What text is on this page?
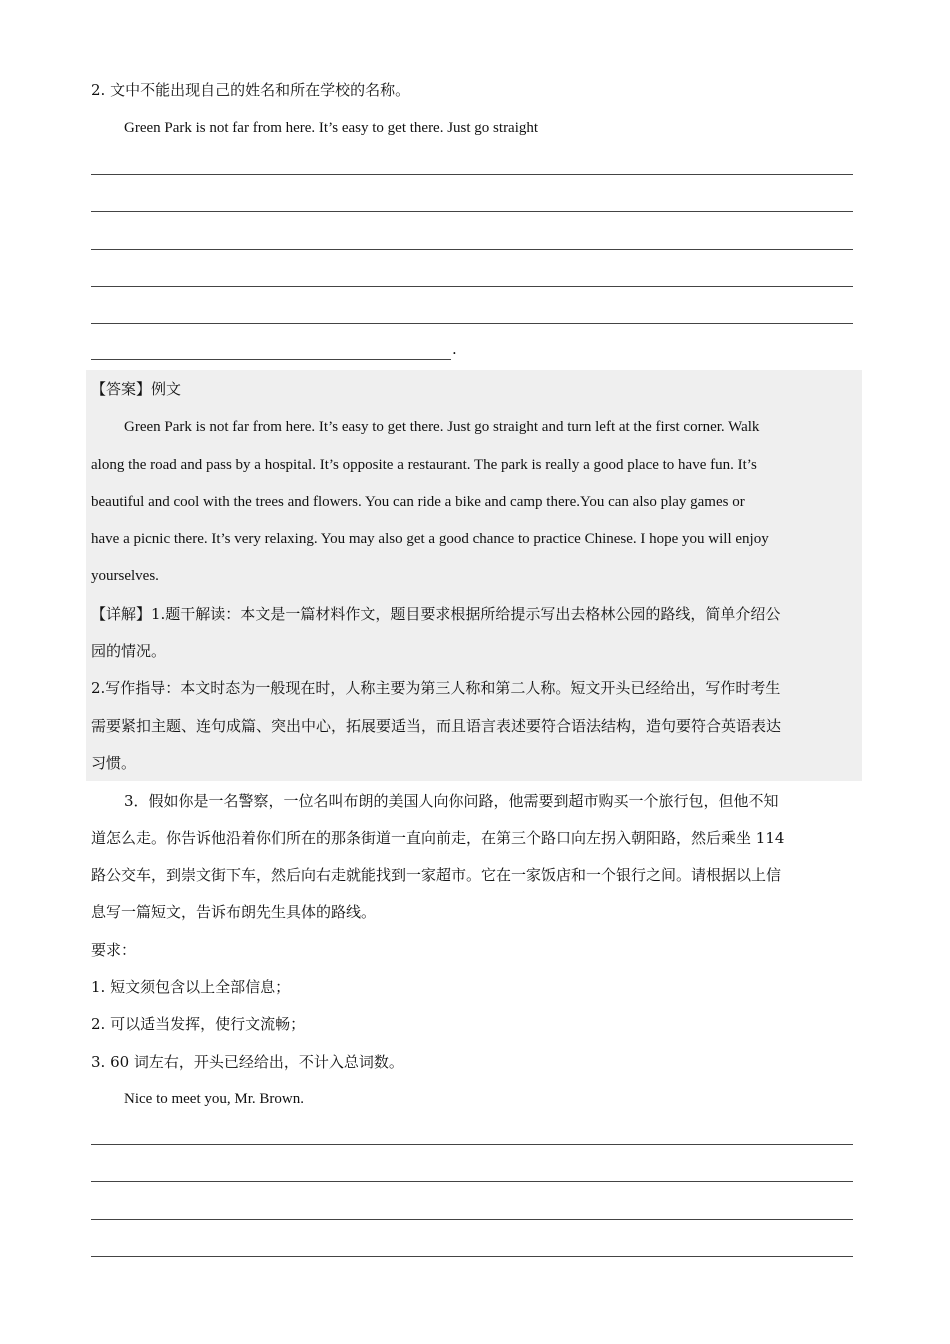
2. 文中不能出现自己的姓名和所在学校的名称。
Green Park is not far from here. It’s easy to get there. Just go straight
.
【答案】例文
Green Park is not far from here. It’s easy to get there. Just go straight and turn left at the first corner. Walk
along the road and pass by a hospital. It’s opposite a restaurant. The park is really a good place to have fun. It’s
beautiful and cool with the trees and flowers. You can ride a bike and camp there.You can also play games or
have a picnic there. It’s very relaxing. You may also get a good chance to practice Chinese. I hope you will enjoy
yourselves.
【详解】1.题干解读：本文是一篇材料作文，题目要求根据所给提示写出去格林公园的路线，简单介绍公
园的情况。
2.写作指导：本文时态为一般现在时，人称主要为第三人称和第二人称。短文开头已经给出，写作时考生
需要紧扣主题、连句成篇、突出中心，拓展要适当，而且语言表述要符合语法结构，造句要符合英语表达
习惯。
3．假如你是一名警察，一位名叫布朗的美国人向你问路，他需要到超市购买一个旅行包，但他不知
道怎么走。你告诉他沿着你们所在的那条街道一直向前走，在第三个路口向左拐入朝阳路，然后乘坐 114
路公交车，到崇文街下车，然后向右走就能找到一家超市。它在一家饭店和一个银行之间。请根据以上信
息写一篇短文，告诉布朗先生具体的路线。
要求：
1. 短文须包含以上全部信息；
2. 可以适当发挥，使行文流畅；
3. 60 词左右，开头已经给出，不计入总词数。
Nice to meet you, Mr. Brown.
